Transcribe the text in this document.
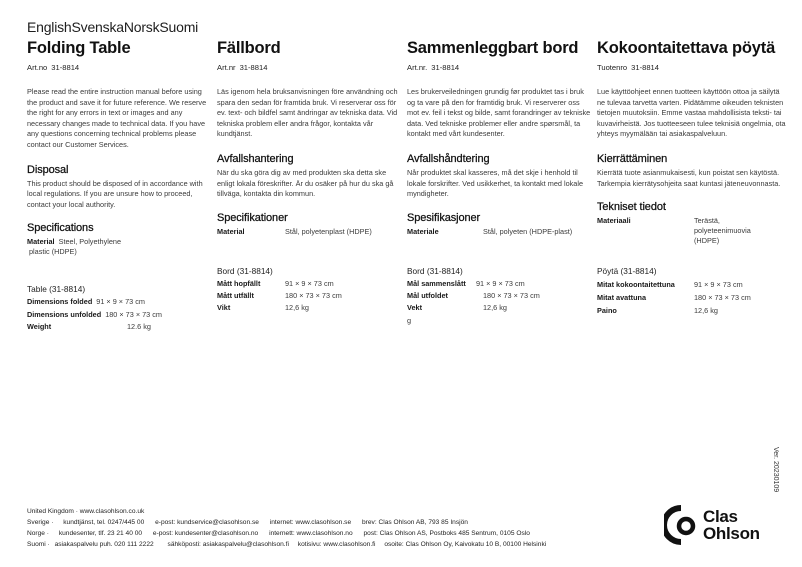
EnglishSvenskaNorskSuomi
Folding Table
Art.no 31-8814

Please read the entire instruction manual before using the product and save it for future reference. We reserve the right for any errors in text or images and any necessary changes made to technical data. If you have any questions concerning technical problems please contact our Customer Services.

Disposal

This product should be disposed of in accordance with local regulations. If you are unsure how to proceed, contact your local authority.

Specifications
Material Steel, Polyethylene
plastic (HDPE)
Table (31-8814)
Dimensions folded 91 × 9 × 73 cm
Dimensions unfolded 180 × 73 × 73 cm
Weight	12.6 kg
Fällbord
Art.nr 31-8814

Läs igenom hela bruksanvisningen före användning och spara den sedan för framtida bruk. Vi reserverar oss för ev. text- och bildfel samt ändringar av tekniska data. Vid tekniska problem eller andra frågor, kontakta vår kundtjänst.

Avfallshantering

När du ska göra dig av med produkten ska detta ske enligt lokala föreskrifter. Är du osäker på hur du ska gå tillväga, kontakta din kommun.

Specifikationer
Material	Stål, polyetenplast (HDPE)
Bord (31-8814)
Mått hopfällt	91 × 9 × 73 cm
Mått utfällt	180 × 73 × 73 cm
Vikt	12,6 kg
Sammenleggbart bord
Art.nr. 31-8814

Les brukerveiledningen grundig før produktet tas i bruk og ta vare på den for framtidig bruk. Vi reserverer oss mot ev. feil i tekst og bilde, samt forandringer av tekniske data. Ved tekniske problemer eller andre spørsmål, ta kontakt med vårt kundesenter.

Avfallshåndtering

Når produktet skal kasseres, må det skje i henhold til lokale forskrifter. Ved usikkerhet, ta kontakt med lokale myndigheter.

Spesifikasjoner
Materiale	Stål, polyeten (HDPE-plast)
Bord (31-8814)
Mål sammenslått	91 × 9 × 73 cm
Mål utfoldet	180 × 73 × 73 cm
Vekt	12,6 kg
g
Kokoontaitettava pöytä
Tuotenro 31-8814

Lue käyttöohjeet ennen tuotteen käyttöön ottoa ja säilytä ne tulevaa tarvetta varten. Pidätämme oikeuden teknisten tietojen muutoksiin. Emme vastaa mahdollisista teksti- tai kuvavirheistä. Jos tuotteeseen tulee teknisiä ongelmia, ota yhteys myymälään tai asiakaspalveluun.

Kierrättäminen

Kierrätä tuote asianmukaisesti, kun poistat sen käytöstä. Tarkempia kierrätysohjeita saat kuntasi jäteneuvonnasta.

Tekniset tiedot
Materiaali	Terästä,
polyeteenimuovia
(HDPE)
Pöytä (31-8814)
Mitat kokoontaitettuna	91 × 9 × 73 cm
Mitat avattuna	180 × 73 × 73 cm
Paino	12,6 kg
Ver. 20230109
United Kingdom · www.clasohlson.co.uk
Sverige · kundtjänst, tel. 0247/445 00 e-post: kundservice@clasohlson.se internet: www.clasohlson.se brev: Clas Ohlson AB, 793 85 Insjön
Norge · kundesenter, tlf. 23 21 40 00 e-post: kundesenter@clasohlson.no internett: www.clasohlson.no post: Clas Ohlson AS, Postboks 485 Sentrum, 0105 Oslo
Suomi · asiakaspalvelu puh. 020 111 2222 sähköposti: asiakaspalvelu@clasohlson.fi kotisivu: www.clasohlson.fi osoite: Clas Ohlson Oy, Kaivokatu 10 B, 00100 Helsinki
Clas
Ohlson
